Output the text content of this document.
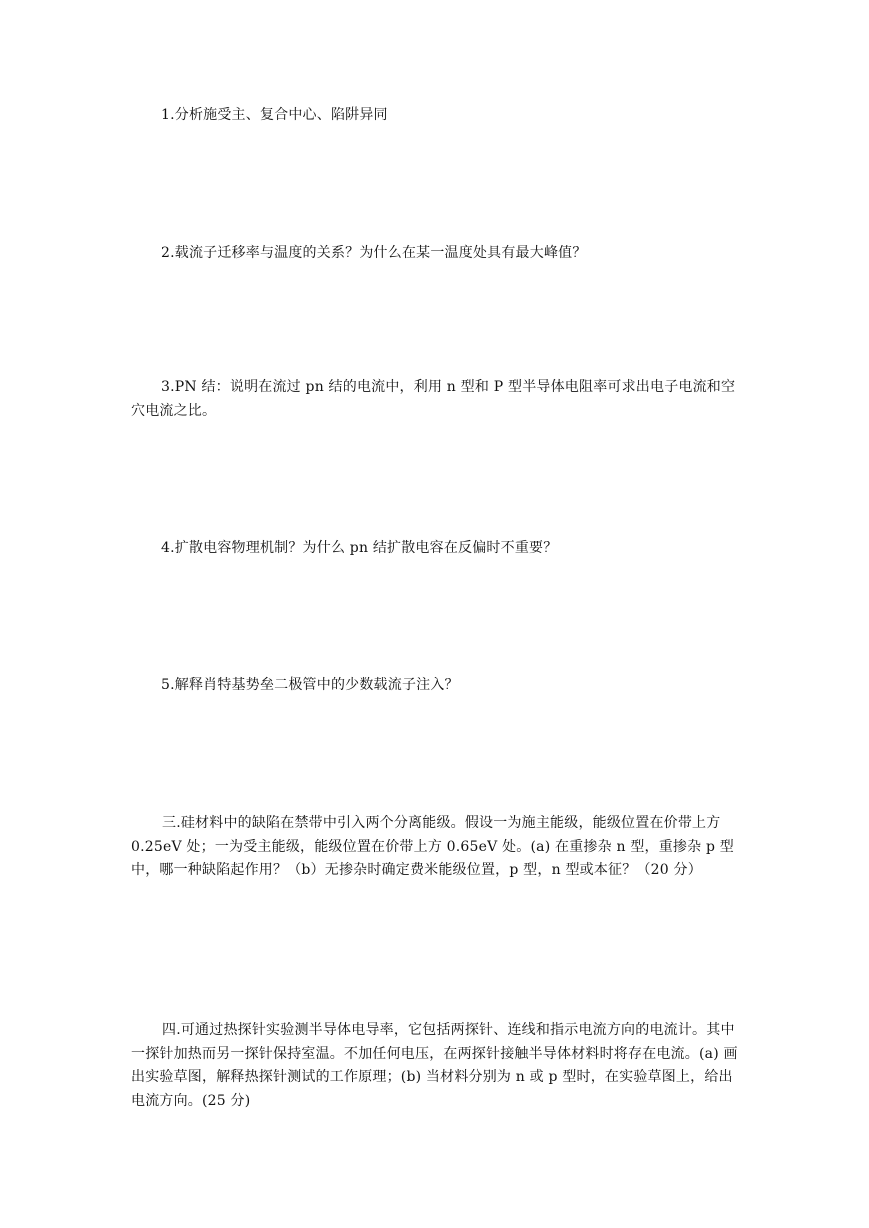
1.分析施受主、复合中心、陷阱异同

2.载流子迁移率与温度的关系？为什么在某一温度处具有最大峰值？

3.PN 结：说明在流过 pn 结的电流中，利用 n 型和 P 型半导体电阻率可求出电子电流和空穴电流之比。

4.扩散电容物理机制？为什么 pn 结扩散电容在反偏时不重要？

5.解释肖特基势垒二极管中的少数载流子注入？

三.硅材料中的缺陷在禁带中引入两个分离能级。假设一为施主能级，能级位置在价带上方 0.25eV 处；一为受主能级，能级位置在价带上方 0.65eV 处。(a) 在重掺杂 n 型，重掺杂 p 型中，哪一种缺陷起作用？（b）无掺杂时确定费米能级位置，p 型，n 型或本征？（20 分）

四.可通过热探针实验测半导体电导率，它包括两探针、连线和指示电流方向的电流计。其中一探针加热而另一探针保持室温。不加任何电压，在两探针接触半导体材料时将存在电流。(a) 画出实验草图，解释热探针测试的工作原理；(b) 当材料分别为 n 或 p 型时，在实验草图上，给出电流方向。(25 分)
